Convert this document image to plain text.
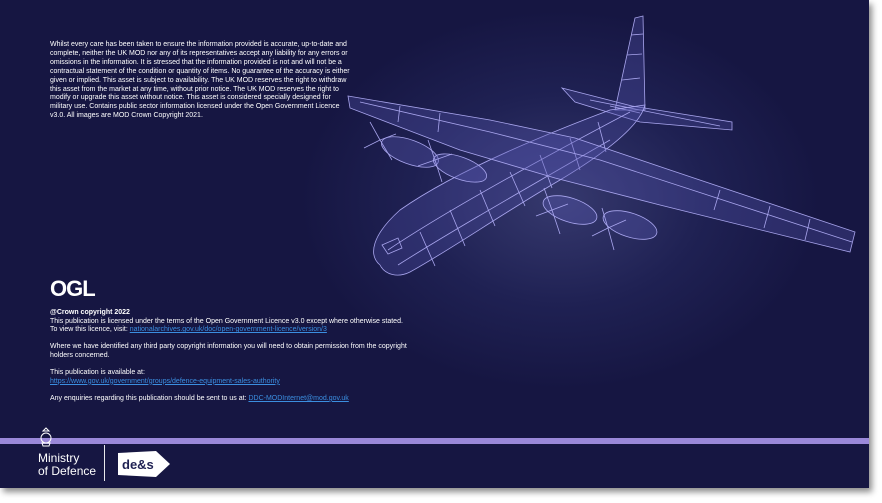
Whilst every care has been taken to ensure the information provided is accurate, up-to-date and complete, neither the UK MOD nor any of its representatives accept any liability for any errors or omissions in the information. It is stressed that the information provided is not and will not be a contractual statement of the condition or quantity of items. No guarantee of the accuracy is either given or implied. This asset is subject to availability. The UK MOD reserves the right to withdraw this asset from the market at any time, without prior notice. The UK MOD reserves the right to modify or upgrade this asset without notice. This asset is considered specially designed for military use. Contains public sector information licensed under the Open Government Licence v3.0. All images are MOD Crown Copyright 2021.

OGL

@Crown copyright 2022

This publication is licensed under the terms of the Open Government Licence v3.0 except where otherwise stated.

To view this licence, visit: nationalarchives.gov.uk/doc/open-government-licence/version/3

Where we have identified any third party copyright information you will need to obtain permission from the copyright holders concerned.

This publication is available at:

https://www.gov.uk/government/groups/defence-equipment-sales-authority

Any enquiries regarding this publication should be sent to us at: DDC-MODInternet@mod.gov.uk

Ministry
of Defence de&s
